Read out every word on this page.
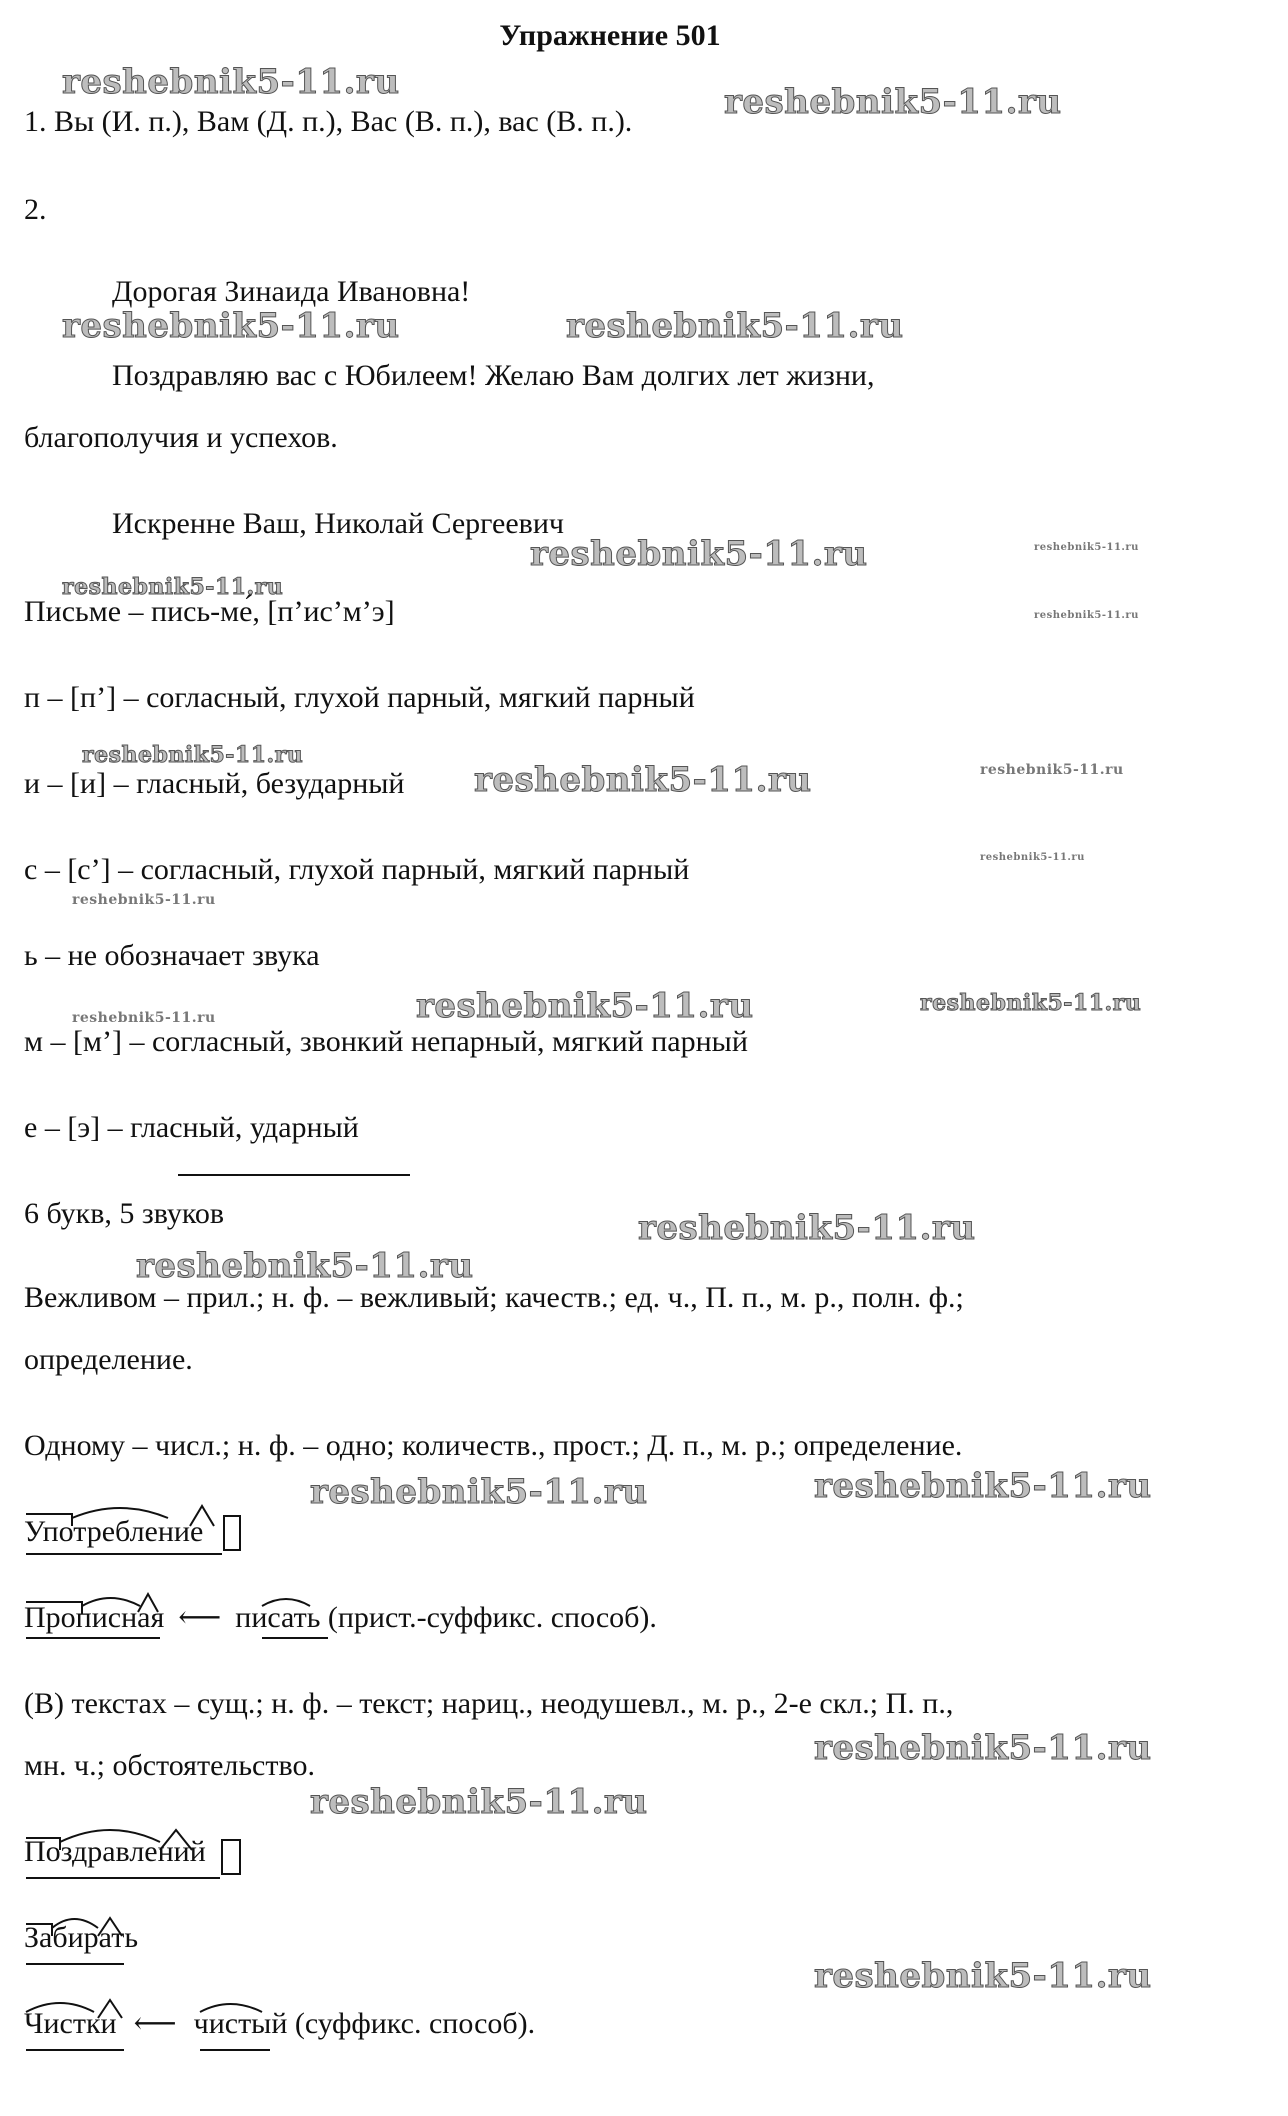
Упражнение 501
1. Вы (И. п.), Вам (Д. п.), Вас (В. п.), вас (В. п.).
2.
Дорогая Зинаида Ивановна!
Поздравляю вас с Юбилеем! Желаю Вам долгих лет жизни,
благополучия и успехов.
Искренне Ваш, Николай Сергеевич
Письме – пись-ме́, [п’ис’м’э]
п – [п’] – согласный, глухой парный, мягкий парный
и – [и] – гласный, безударный
с – [с’] – согласный, глухой парный, мягкий парный
ь – не обозначает звука
м – [м’] – согласный, звонкий непарный, мягкий парный
е – [э] – гласный, ударный
6 букв, 5 звуков
Вежливом – прил.; н. ф. – вежливый; качеств.; ед. ч., П. п., м. р., полн. ф.;
определение.
Одному – числ.; н. ф. – одно; количеств., прост.; Д. п., м. р.; определение.
Употребление
Прописная ⟵ писать (прист.-суффикс. способ).
(В) текстах – сущ.; н. ф. – текст; нариц., неодушевл., м. р., 2-е скл.; П. п.,
мн. ч.; обстоятельство.
Поздравлений
Забирать
Чистки ⟵ чистый (суффикс. способ).
reshebnik5-11.ru	reshebnik5-11.ru
reshebnik5-11.ru	reshebnik5-11.ru
reshebnik5-11.ru	reshebnik5-11.ru
reshebnik5-11.ru
reshebnik5-11.ru
reshebnik5-11.ru
reshebnik5-11.ru	reshebnik5-11.ru
reshebnik5-11.ru
reshebnik5-11.ru
reshebnik5-11.ru	reshebnik5-11.ru	reshebnik5-11.ru
reshebnik5-11.ru
reshebnik5-11.ru
reshebnik5-11.ru	reshebnik5-11.ru
reshebnik5-11.ru
reshebnik5-11.ru
reshebnik5-11.ru
